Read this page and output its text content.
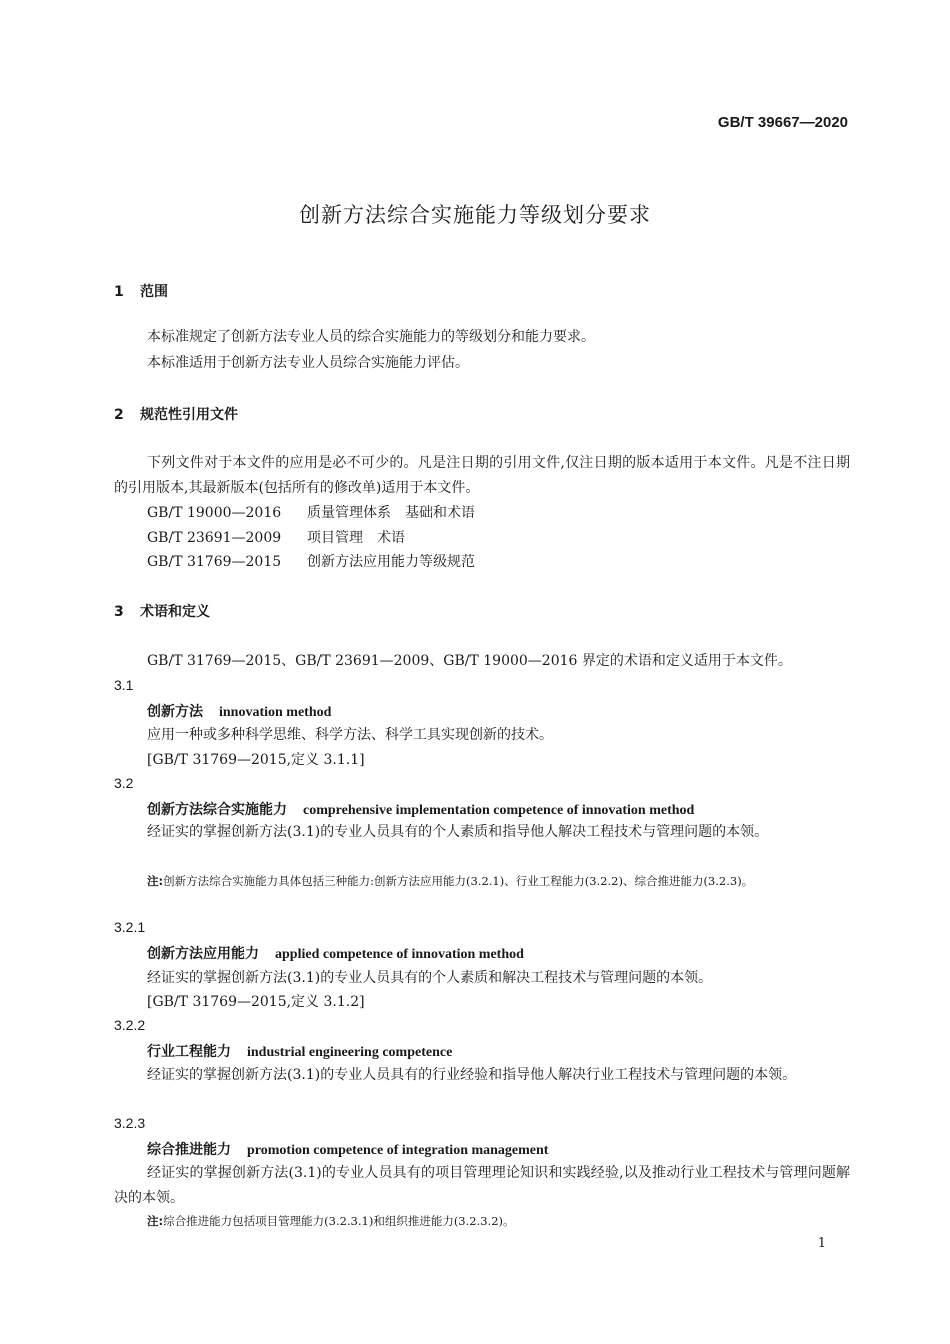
GB/T 39667—2020
创新方法综合实施能力等级划分要求
1 范围
本标准规定了创新方法专业人员的综合实施能力的等级划分和能力要求。
本标准适用于创新方法专业人员综合实施能力评估。
2 规范性引用文件
下列文件对于本文件的应用是必不可少的。凡是注日期的引用文件,仅注日期的版本适用于本文件。凡是不注日期的引用版本,其最新版本(包括所有的修改单)适用于本文件。
GB/T 19000—2016 质量管理体系　基础和术语
GB/T 23691—2009 项目管理　术语
GB/T 31769—2015 创新方法应用能力等级规范
3 术语和定义
GB/T 31769—2015、GB/T 23691—2009、GB/T 19000—2016 界定的术语和定义适用于本文件。
3.1
创新方法 innovation method
应用一种或多种科学思维、科学方法、科学工具实现创新的技术。
[GB/T 31769—2015,定义 3.1.1]
3.2
创新方法综合实施能力 comprehensive implementation competence of innovation method
经证实的掌握创新方法(3.1)的专业人员具有的个人素质和指导他人解决工程技术与管理问题的本领。
注:创新方法综合实施能力具体包括三种能力:创新方法应用能力(3.2.1)、行业工程能力(3.2.2)、综合推进能力(3.2.3)。
3.2.1
创新方法应用能力 applied competence of innovation method
经证实的掌握创新方法(3.1)的专业人员具有的个人素质和解决工程技术与管理问题的本领。
[GB/T 31769—2015,定义 3.1.2]
3.2.2
行业工程能力 industrial engineering competence
经证实的掌握创新方法(3.1)的专业人员具有的行业经验和指导他人解决行业工程技术与管理问题的本领。
3.2.3
综合推进能力 promotion competence of integration management
经证实的掌握创新方法(3.1)的专业人员具有的项目管理理论知识和实践经验,以及推动行业工程技术与管理问题解决的本领。
注:综合推进能力包括项目管理能力(3.2.3.1)和组织推进能力(3.2.3.2)。
1
